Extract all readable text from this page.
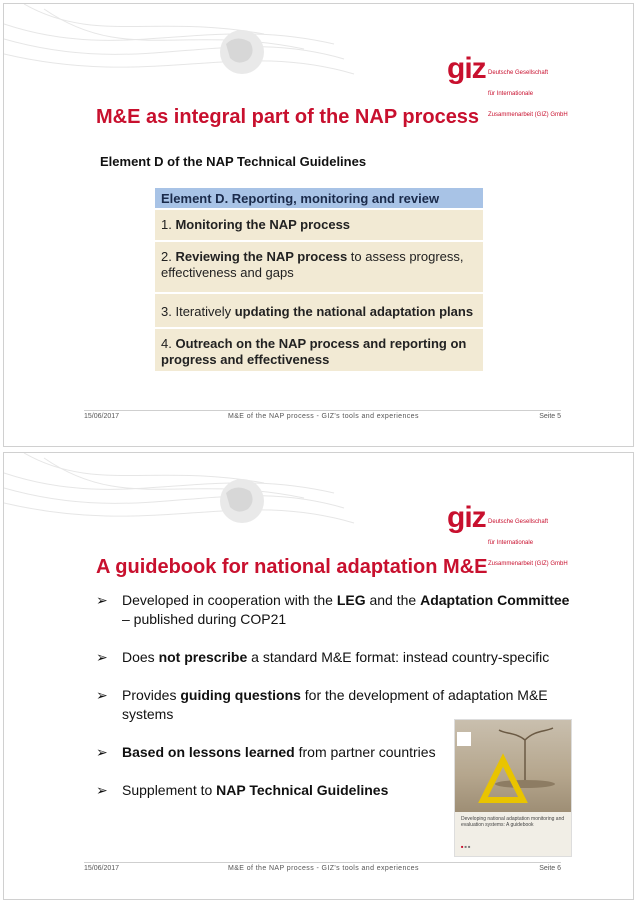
giz

Deutsche Gesellschaft

für Internationale

Zusammenarbeit (GIZ) GmbH

M&E as integral part of the NAP process
Element D of the NAP Technical Guidelines
Element D. Reporting, monitoring and review
1. Monitoring the NAP process
2. Reviewing the NAP process to assess progress, effectiveness and gaps
3. Iteratively updating the national adaptation plans
4. Outreach on the NAP process and reporting on progress and effectiveness
15/06/2017	M&E of the NAP process - GIZ's tools and experiences	Seite 5
giz

Deutsche Gesellschaft

für Internationale

Zusammenarbeit (GIZ) GmbH

A guidebook for national adaptation M&E
➢ Developed in cooperation with the LEG and the Adaptation Committee – published during COP21
➢ Does not prescribe a standard M&E format: instead country-specific
➢ Provides guiding questions for the development of adaptation M&E systems
➢ Based on lessons learned from partner countries
➢ Supplement to NAP Technical Guidelines
Developing national adaptation monitoring and evaluation systems: A guidebook
■ ■ ■
15/06/2017	M&E of the NAP process - GIZ's tools and experiences	Seite 6
